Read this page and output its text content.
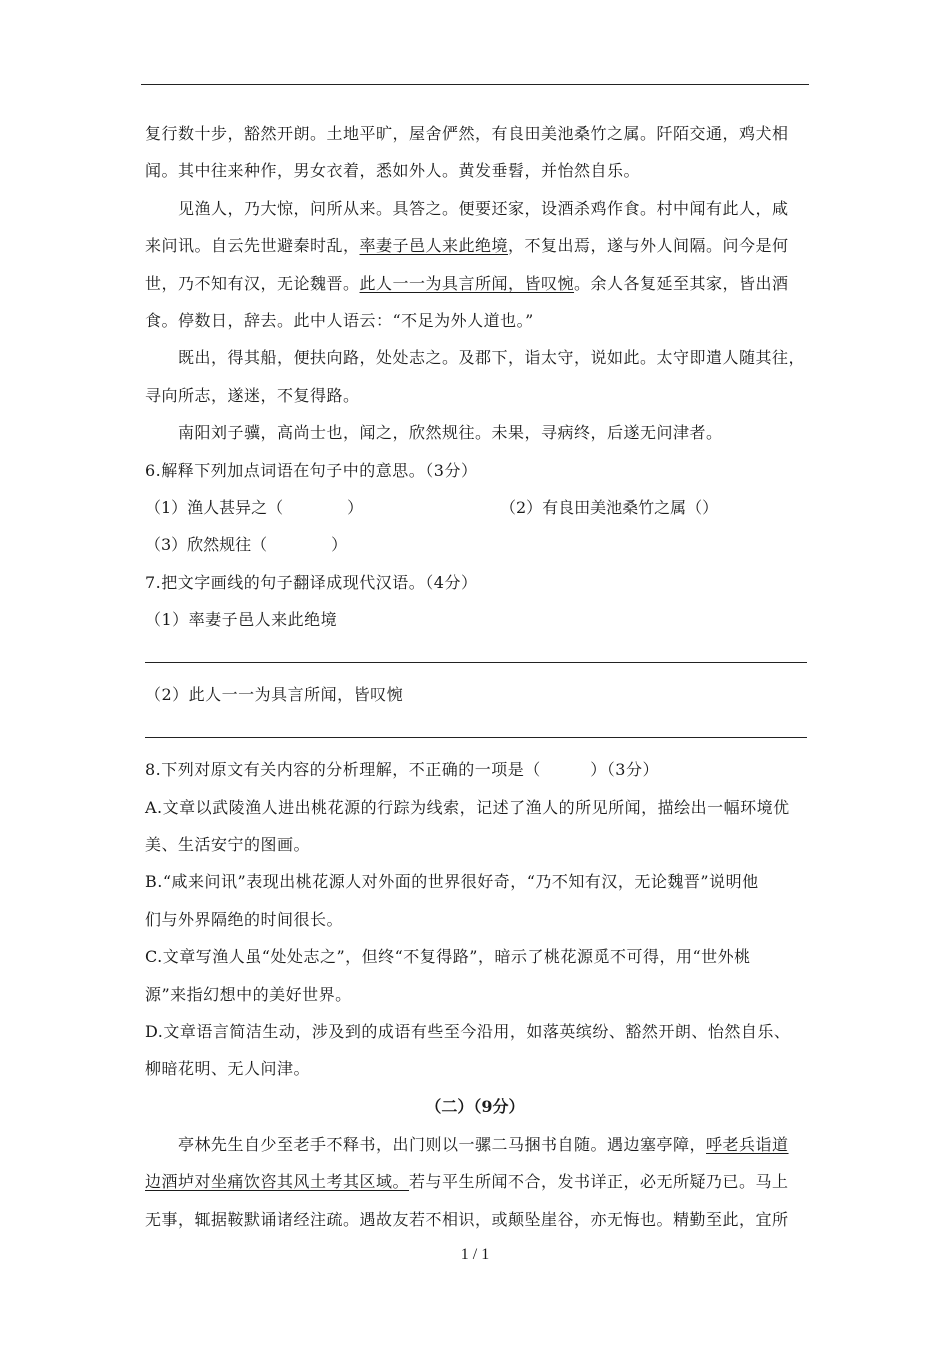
复行数十步，豁然开朗。土地平旷，屋舍俨然，有良田美池桑竹之属。阡陌交通，鸡犬相
闻。其中往来种作，男女衣着，悉如外人。黄发垂髫，并怡然自乐。
见渔人，乃大惊，问所从来。具答之。便要还家，设酒杀鸡作食。村中闻有此人，咸
来问讯。自云先世避秦时乱，率妻子邑人来此绝境，不复出焉，遂与外人间隔。问今是何
世，乃不知有汉，无论魏晋。此人一一为具言所闻，皆叹惋。余人各复延至其家，皆出酒
食。停数日，辞去。此中人语云：“不足为外人道也。”
既出，得其船，便扶向路，处处志之。及郡下，诣太守，说如此。太守即遣人随其往，
寻向所志，遂迷，不复得路。
南阳刘子骥，高尚士也，闻之，欣然规往。未果，寻病终，后遂无问津者。
6.解释下列加点词语在句子中的意思。（3分）
（1）渔人甚异之（　　　　）	（2）有良田美池桑竹之属（）
（3）欣然规往（　　　　）
7.把文字画线的句子翻译成现代汉语。（4分）
（1）率妻子邑人来此绝境
（2）此人一一为具言所闻，皆叹惋
8.下列对原文有关内容的分析理解，不正确的一项是（　　　）（3分）
A.文章以武陵渔人进出桃花源的行踪为线索，记述了渔人的所见所闻，描绘出一幅环境优
美、生活安宁的图画。
B.“咸来问讯”表现出桃花源人对外面的世界很好奇，“乃不知有汉，无论魏晋”说明他
们与外界隔绝的时间很长。
C.文章写渔人虽“处处志之”，但终“不复得路”，暗示了桃花源觅不可得，用“世外桃
源”来指幻想中的美好世界。
D.文章语言简洁生动，涉及到的成语有些至今沿用，如落英缤纷、豁然开朗、怡然自乐、
柳暗花明、无人问津。
（二）（9分）
亭林先生自少至老手不释书，出门则以一骡二马捆书自随。遇边塞亭障，呼老兵诣道
边酒垆对坐痛饮咨其风土考其区域。若与平生所闻不合，发书详正，必无所疑乃已。马上
无事，辄据鞍默诵诸经注疏。遇故友若不相识，或颠坠崖谷，亦无悔也。精勤至此，宜所
1 / 1
